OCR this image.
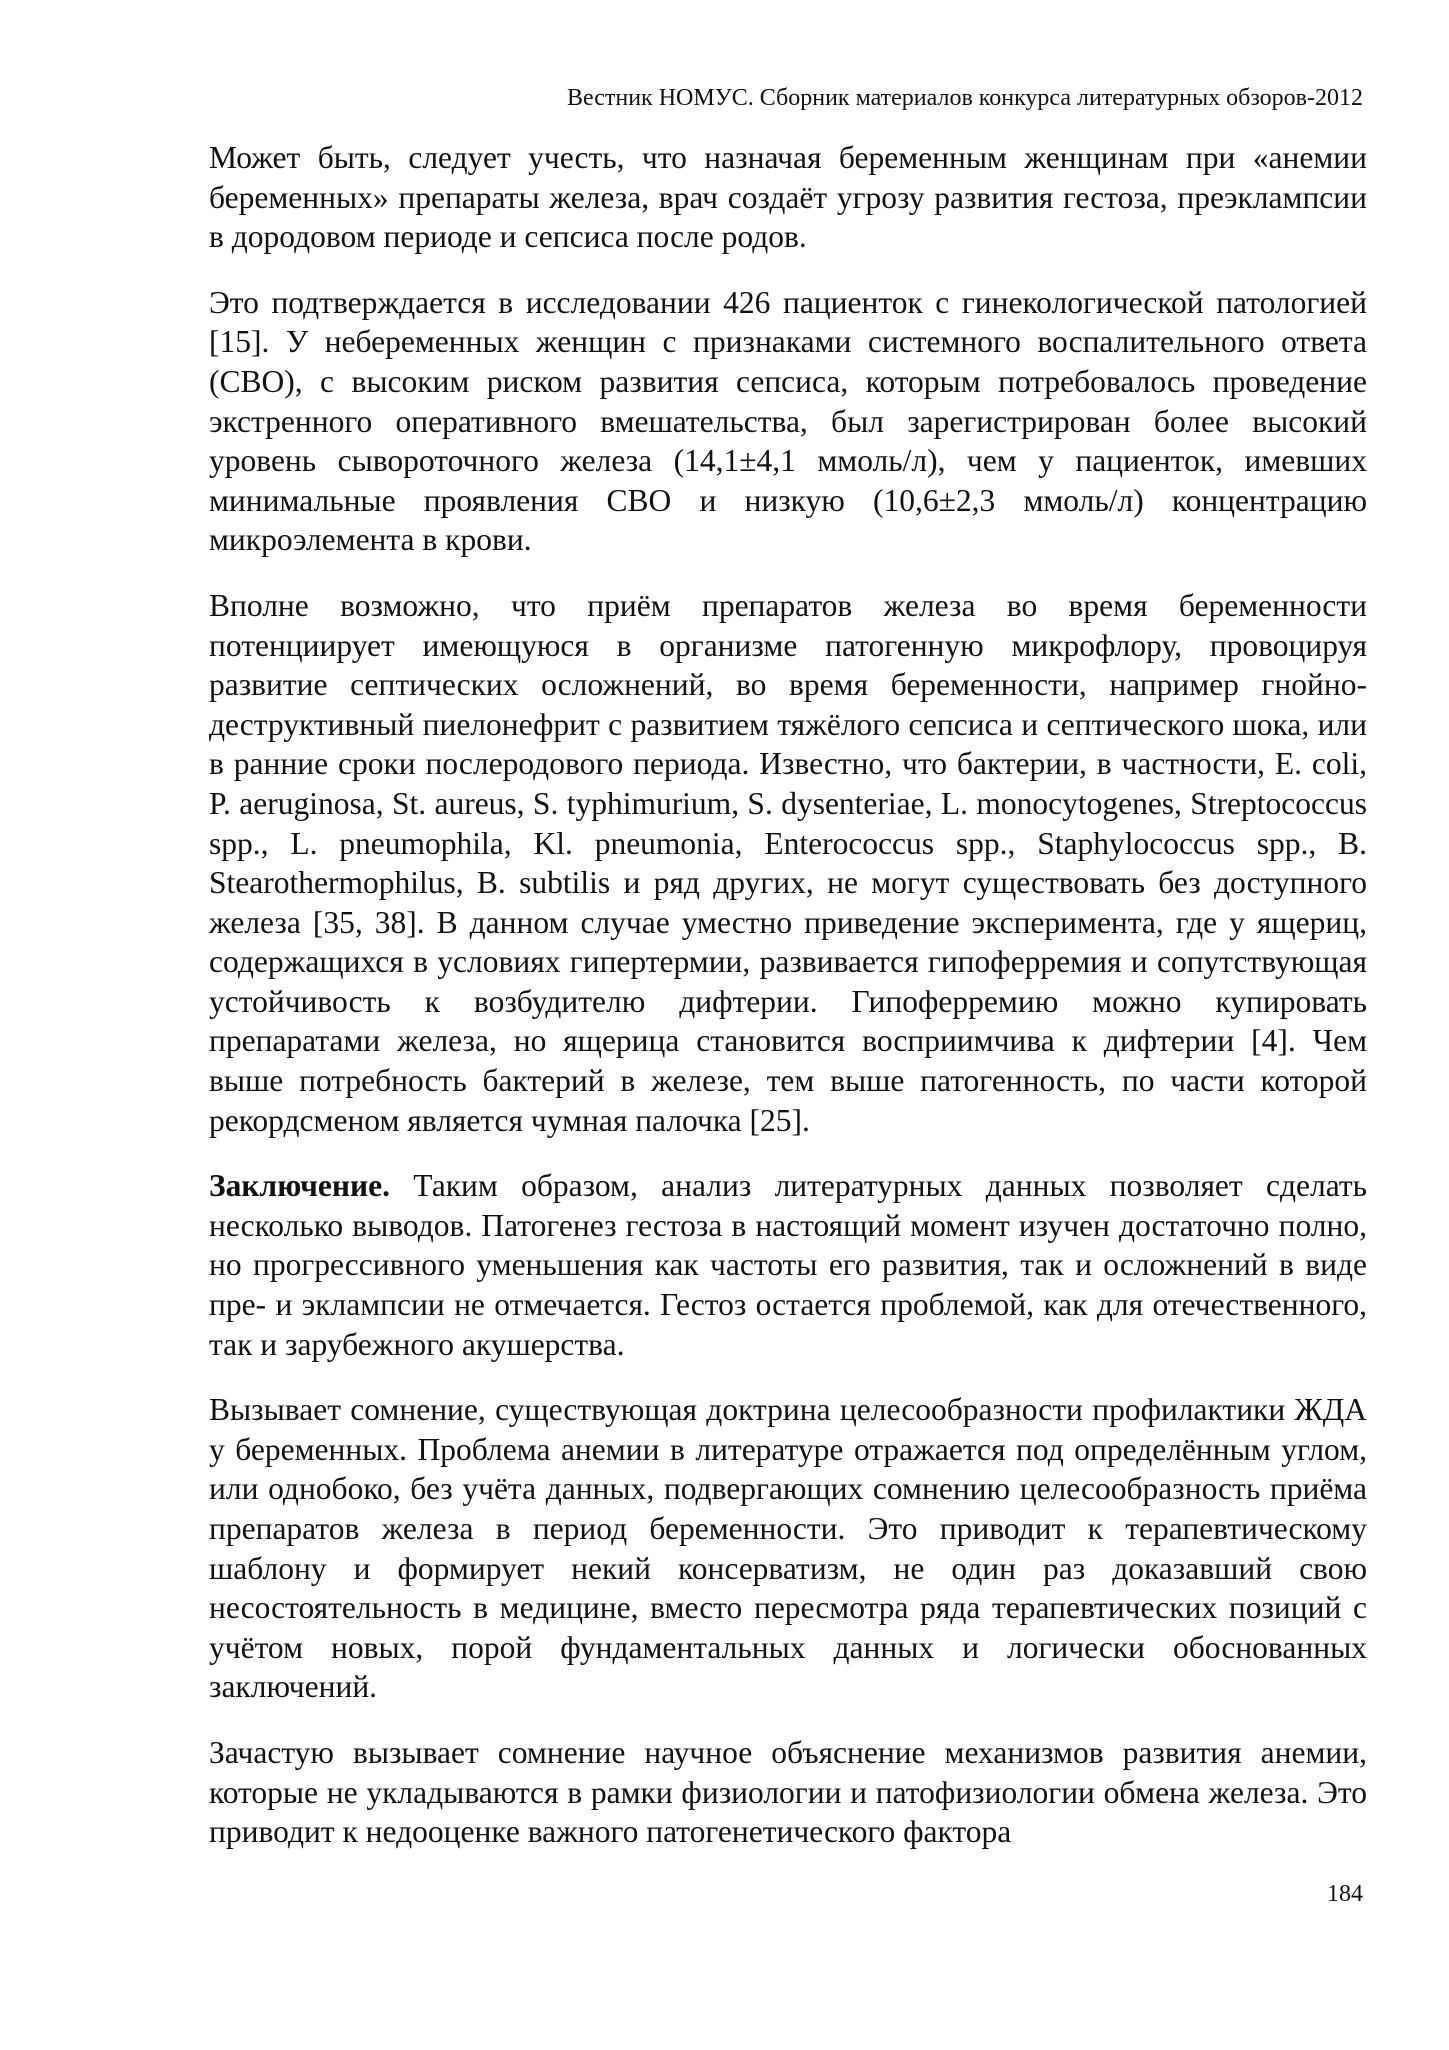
Вестник НОМУС. Сборник материалов конкурса литературных обзоров-2012

Может быть, следует учесть, что назначая беременным женщинам при «анемии беременных» препараты железа, врач создаёт угрозу развития гестоза, преэклампсии в дородовом периоде и сепсиса после родов.

Это подтверждается в исследовании 426 пациенток с гинекологической патологией [15]. У небеременных женщин с признаками системного воспалительного ответа (СВО), с высоким риском развития сепсиса, которым потребовалось проведение экстренного оперативного вмешательства, был зарегистрирован более высокий уровень сывороточного железа (14,1±4,1 ммоль/л), чем у пациенток, имевших минимальные проявления СВО и низкую (10,6±2,3 ммоль/л) концентрацию микроэлемента в крови.

Вполне возможно, что приём препаратов железа во время беременности потенциирует имеющуюся в организме патогенную микрофлору, провоцируя развитие септических осложнений, во время беременности, например гнойно-деструктивный пиелонефрит с развитием тяжёлого сепсиса и септического шока, или в ранние сроки послеродового периода. Известно, что бактерии, в частности, E. coli, P. aeruginosa, St. aureus, S. typhimurium, S. dysenteriae, L. monocytogenes, Streptococcus spp., L. pneumophila, Kl. pneumonia, Enterococcus spp., Staphylococcus spp., B. Stearothermophilus, B. subtilis и ряд других, не могут существовать без доступного железа [35, 38]. В данном случае уместно приведение эксперимента, где у ящериц, содержащихся в условиях гипертермии, развивается гипоферремия и сопутствующая устойчивость к возбудителю дифтерии. Гипоферремию можно купировать препаратами железа, но ящерица становится восприимчива к дифтерии [4]. Чем выше потребность бактерий в железе, тем выше патогенность, по части которой рекордсменом является чумная палочка [25].

Заключение. Таким образом, анализ литературных данных позволяет сделать несколько выводов. Патогенез гестоза в настоящий момент изучен достаточно полно, но прогрессивного уменьшения как частоты его развития, так и осложнений в виде пре- и эклампсии не отмечается. Гестоз остается проблемой, как для отечественного, так и зарубежного акушерства.

Вызывает сомнение, существующая доктрина целесообразности профилактики ЖДА у беременных. Проблема анемии в литературе отражается под определённым углом, или однобоко, без учёта данных, подвергающих сомнению целесообразность приёма препаратов железа в период беременности. Это приводит к терапевтическому шаблону и формирует некий консерватизм, не один раз доказавший свою несостоятельность в медицине, вместо пересмотра ряда терапевтических позиций с учётом новых, порой фундаментальных данных и логически обоснованных заключений.

Зачастую вызывает сомнение научное объяснение механизмов развития анемии, которые не укладываются в рамки физиологии и патофизиологии обмена железа. Это приводит к недооценке важного патогенетического фактора

184
